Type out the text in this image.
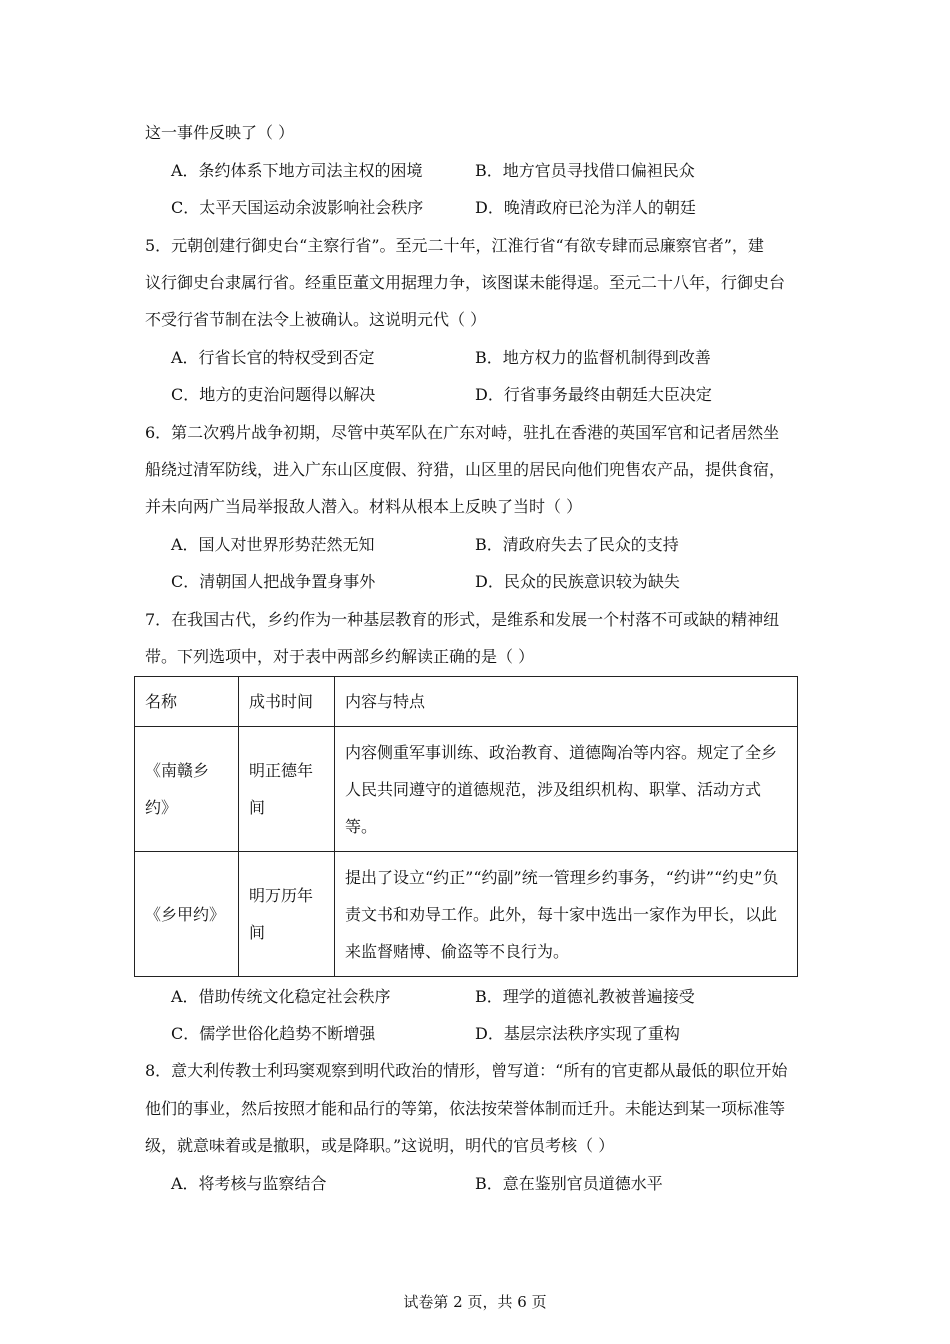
这一事件反映了（ ）
A．条约体系下地方司法主权的困境	B．地方官员寻找借口偏袒民众
C．太平天国运动余波影响社会秩序	D．晚清政府已沦为洋人的朝廷
5．元朝创建行御史台“主察行省”。至元二十年，江淮行省“有欲专肆而忌廉察官者”，建
议行御史台隶属行省。经重臣董文用据理力争，该图谋未能得逞。至元二十八年，行御史台
不受行省节制在法令上被确认。这说明元代（ ）
A．行省长官的特权受到否定	B．地方权力的监督机制得到改善
C．地方的吏治问题得以解决	D．行省事务最终由朝廷大臣决定
6．第二次鸦片战争初期，尽管中英军队在广东对峙，驻扎在香港的英国军官和记者居然坐
船绕过清军防线，进入广东山区度假、狩猎，山区里的居民向他们兜售农产品，提供食宿，
并未向两广当局举报敌人潜入。材料从根本上反映了当时（ ）
A．国人对世界形势茫然无知	B．清政府失去了民众的支持
C．清朝国人把战争置身事外	D．民众的民族意识较为缺失
7．在我国古代，乡约作为一种基层教育的形式，是维系和发展一个村落不可或缺的精神纽
带。下列选项中，对于表中两部乡约解读正确的是（ ）
名称	成书时间	内容与特点
《南赣乡约》	明正德年间	内容侧重军事训练、政治教育、道德陶冶等内容。规定了全乡人民共同遵守的道德规范，涉及组织机构、职掌、活动方式等。
《乡甲约》	明万历年间	提出了设立“约正”“约副”统一管理乡约事务，“约讲”“约史”负责文书和劝导工作。此外，每十家中选出一家作为甲长，以此来监督赌博、偷盗等不良行为。
A．借助传统文化稳定社会秩序	B．理学的道德礼教被普遍接受
C．儒学世俗化趋势不断增强	D．基层宗法秩序实现了重构
8．意大利传教士利玛窦观察到明代政治的情形，曾写道：“所有的官吏都从最低的职位开始
他们的事业，然后按照才能和品行的等第，依法按荣誉体制而迁升。未能达到某一项标准等
级，就意味着或是撤职，或是降职。”这说明，明代的官员考核（ ）
A．将考核与监察结合	B．意在鉴别官员道德水平
试卷第 2 页，共 6 页
